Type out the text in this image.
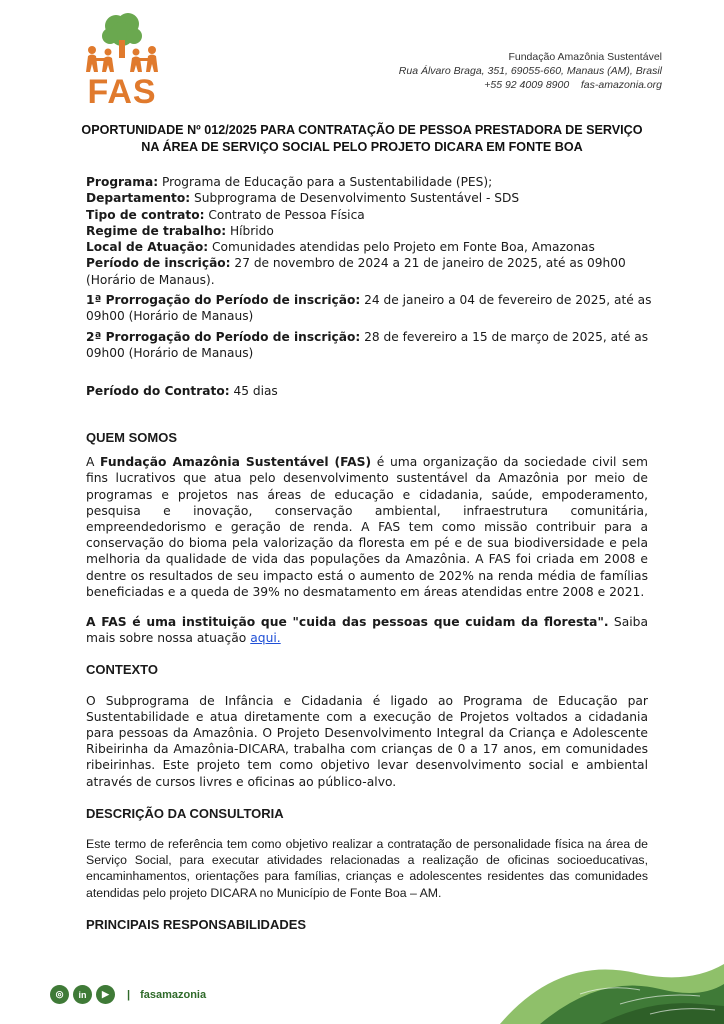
FAS
Fundação Amazônia Sustentável
Rua Álvaro Braga, 351, 69055-660, Manaus (AM), Brasil
+55 92 4009 8900 fas-amazonia.org
OPORTUNIDADE Nº 012/2025 PARA CONTRATAÇÃO DE PESSOA PRESTADORA DE SERVIÇO
NA ÁREA DE SERVIÇO SOCIAL PELO PROJETO DICARA EM FONTE BOA

Programa: Programa de Educação para a Sustentabilidade (PES);

Departamento: Subprograma de Desenvolvimento Sustentável - SDS

Tipo de contrato: Contrato de Pessoa Física

Regime de trabalho: Híbrido

Local de Atuação: Comunidades atendidas pelo Projeto em Fonte Boa, Amazonas

Período de inscrição: 27 de novembro de 2024 a 21 de janeiro de 2025, até as 09h00 (Horário de Manaus).

1ª Prorrogação do Período de inscrição: 24 de janeiro a 04 de fevereiro de 2025, até as 09h00 (Horário de Manaus)

2ª Prorrogação do Período de inscrição: 28 de fevereiro a 15 de março de 2025, até as 09h00 (Horário de Manaus)

Período do Contrato: 45 dias

QUEM SOMOS

A Fundação Amazônia Sustentável (FAS) é uma organização da sociedade civil sem fins lucrativos que atua pelo desenvolvimento sustentável da Amazônia por meio de programas e projetos nas áreas de educação e cidadania, saúde, empoderamento, pesquisa e inovação, conservação ambiental, infraestrutura comunitária, empreendedorismo e geração de renda. A FAS tem como missão contribuir para a conservação do bioma pela valorização da floresta em pé e de sua biodiversidade e pela melhoria da qualidade de vida das populações da Amazônia. A FAS foi criada em 2008 e dentre os resultados de seu impacto está o aumento de 202% na renda média de famílias beneficiadas e a queda de 39% no desmatamento em áreas atendidas entre 2008 e 2021.

A FAS é uma instituição que "cuida das pessoas que cuidam da floresta". Saiba mais sobre nossa atuação aqui.

CONTEXTO

O Subprograma de Infância e Cidadania é ligado ao Programa de Educação par Sustentabilidade e atua diretamente com a execução de Projetos voltados a cidadania para pessoas da Amazônia. O Projeto Desenvolvimento Integral da Criança e Adolescente Ribeirinha da Amazônia-DICARA, trabalha com crianças de 0 a 17 anos, em comunidades ribeirinhas. Este projeto tem como objetivo levar desenvolvimento social e ambiental através de cursos livres e oficinas ao público-alvo.

DESCRIÇÃO DA CONSULTORIA

Este termo de referência tem como objetivo realizar a contratação de personalidade física na área de Serviço Social, para executar atividades relacionadas a realização de oficinas socioeducativas, encaminhamentos, orientações para famílias, crianças e adolescentes residentes das comunidades atendidas pelo projeto DICARA no Município de Fonte Boa – AM.

PRINCIPAIS RESPONSABILIDADES
◎	in	▶	| fasamazonia
